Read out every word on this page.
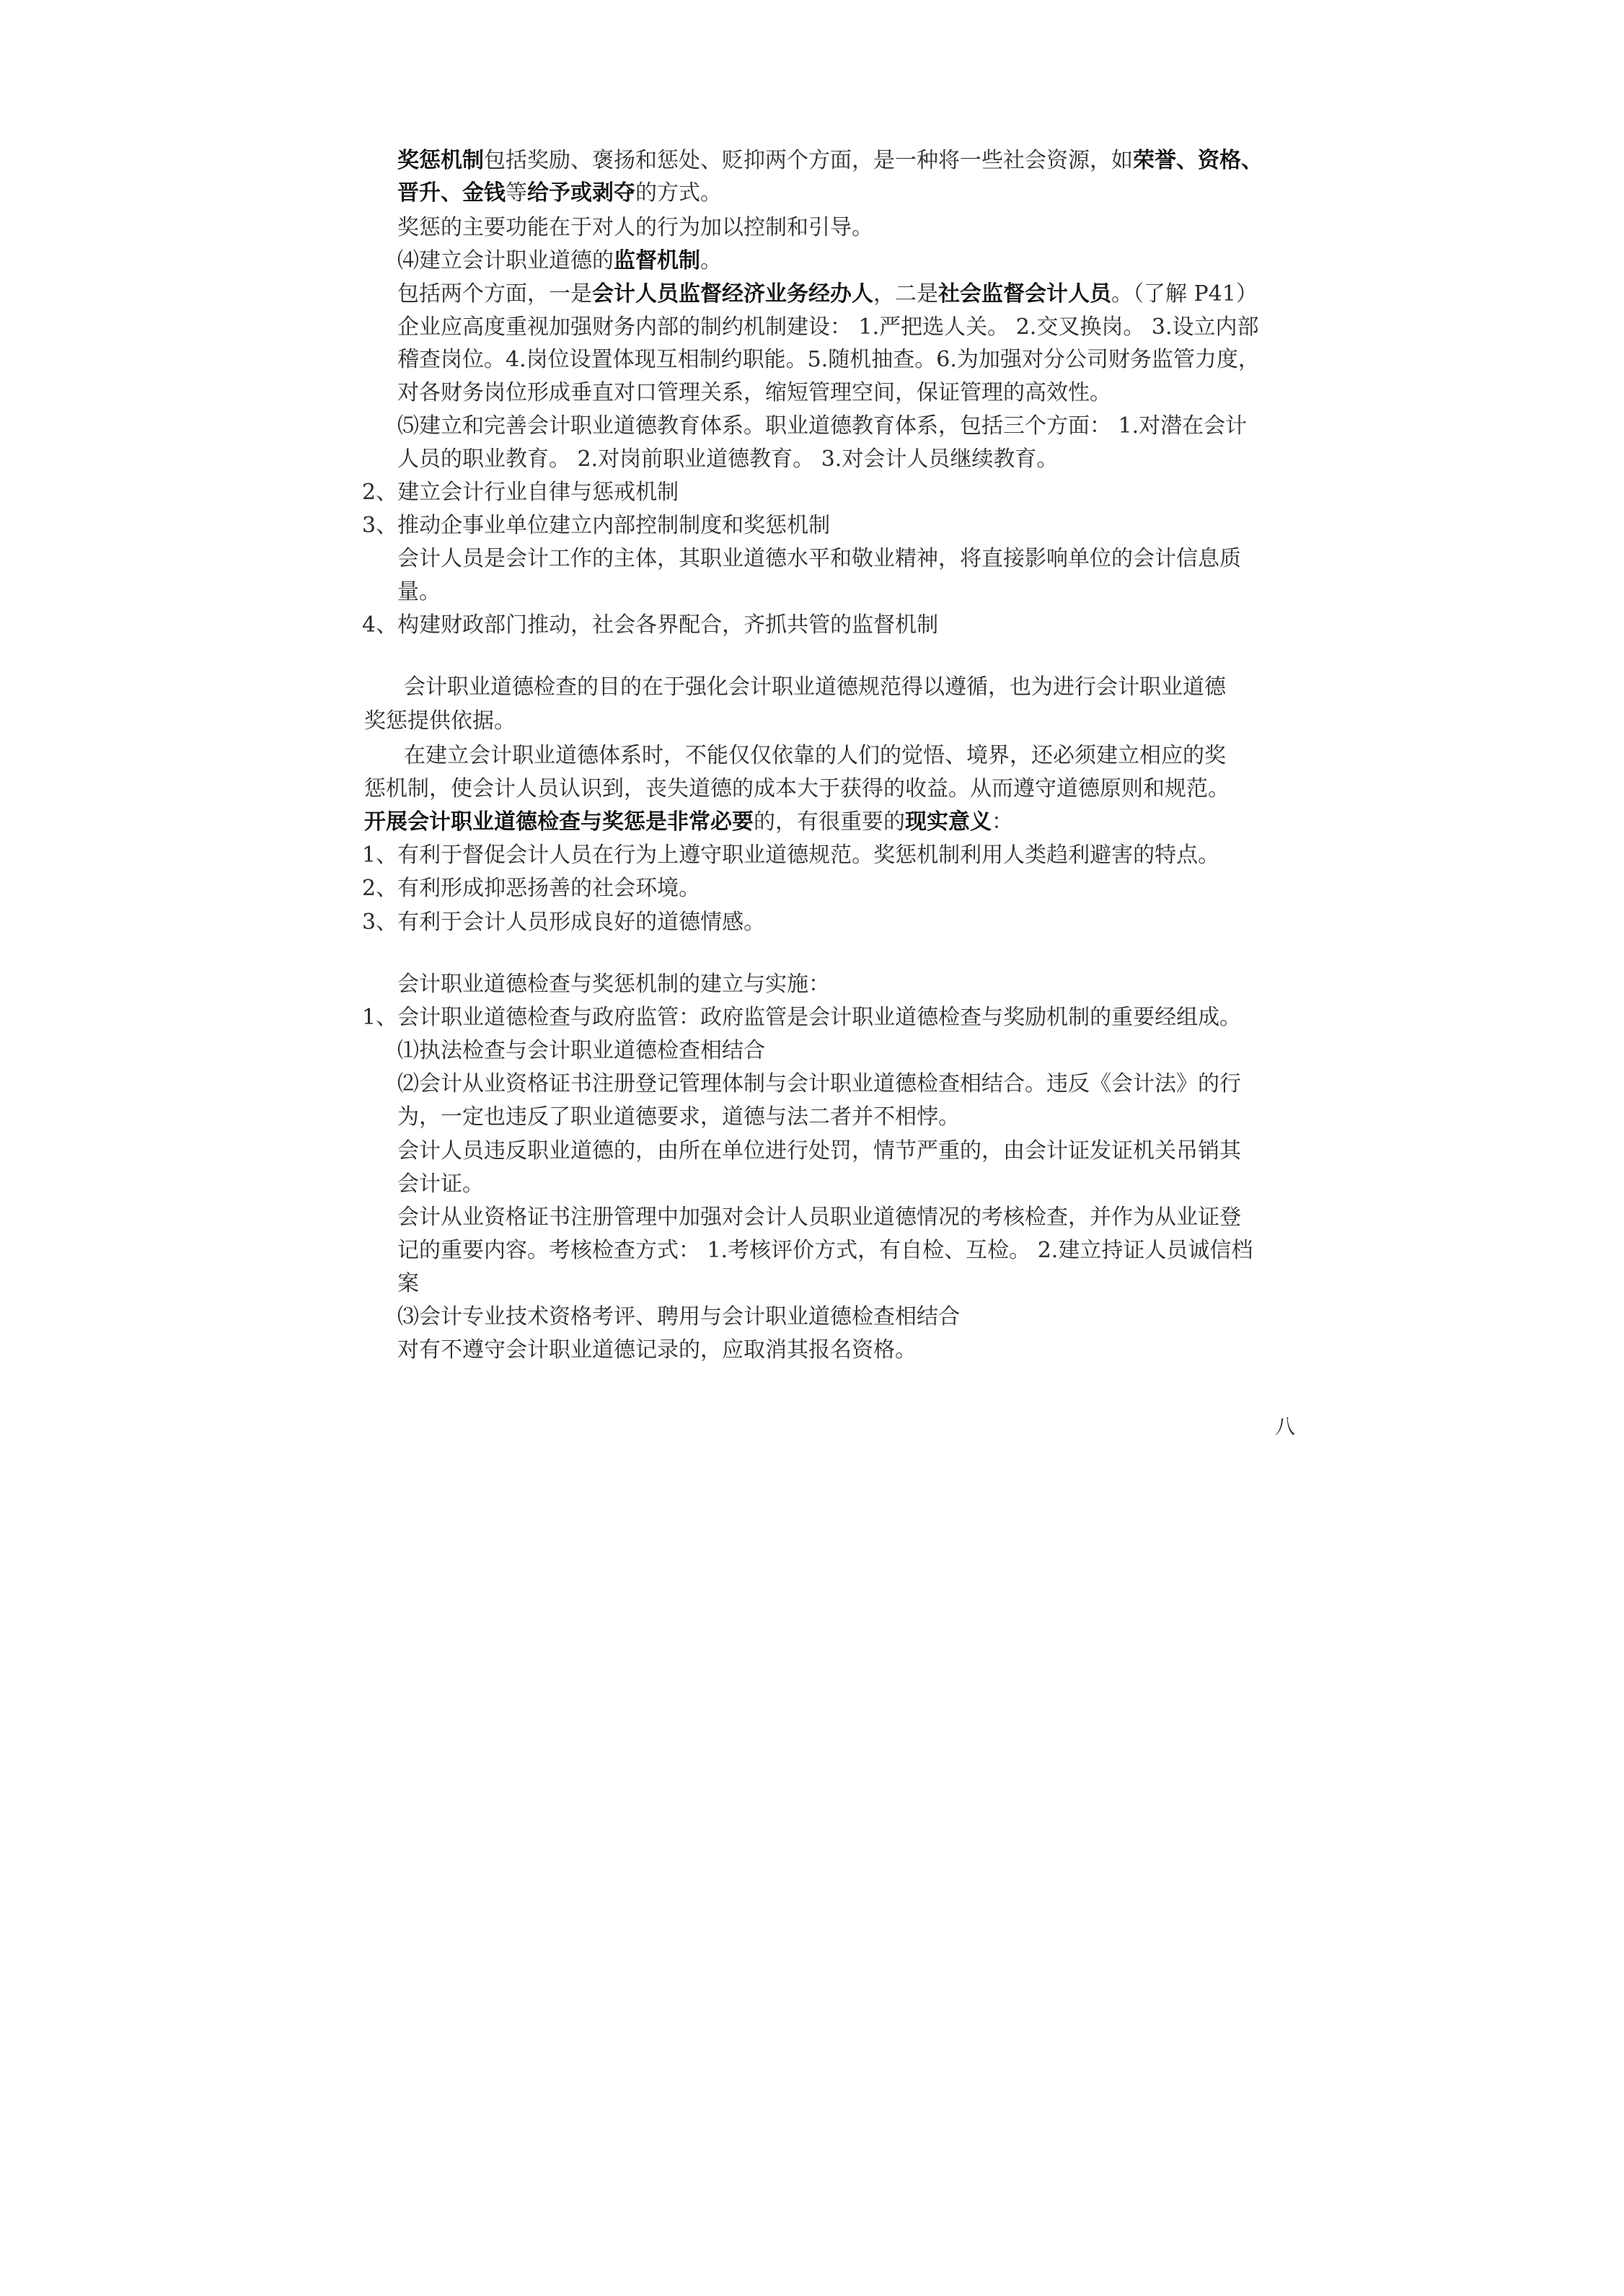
奖惩机制包括奖励、褒扬和惩处、贬抑两个方面，是一种将一些社会资源，如荣誉、资格、
晋升、金钱等给予或剥夺的方式。
奖惩的主要功能在于对人的行为加以控制和引导。
⑷建立会计职业道德的监督机制。
包括两个方面，一是会计人员监督经济业务经办人，二是社会监督会计人员。（了解 P41）
企业应高度重视加强财务内部的制约机制建设： 1.严把选人关。 2.交叉换岗。 3.设立内部
稽查岗位。4.岗位设置体现互相制约职能。5.随机抽查。6.为加强对分公司财务监管力度，
对各财务岗位形成垂直对口管理关系，缩短管理空间，保证管理的高效性。
⑸建立和完善会计职业道德教育体系。职业道德教育体系，包括三个方面： 1.对潜在会计
人员的职业教育。 2.对岗前职业道德教育。 3.对会计人员继续教育。
2、建立会计行业自律与惩戒机制
3、推动企事业单位建立内部控制制度和奖惩机制
会计人员是会计工作的主体，其职业道德水平和敬业精神，将直接影响单位的会计信息质
量。
4、构建财政部门推动，社会各界配合，齐抓共管的监督机制
会计职业道德检查的目的在于强化会计职业道德规范得以遵循，也为进行会计职业道德
奖惩提供依据。
在建立会计职业道德体系时，不能仅仅依靠的人们的觉悟、境界，还必须建立相应的奖
惩机制，使会计人员认识到，丧失道德的成本大于获得的收益。从而遵守道德原则和规范。
开展会计职业道德检查与奖惩是非常必要的，有很重要的现实意义：
1、有利于督促会计人员在行为上遵守职业道德规范。奖惩机制利用人类趋利避害的特点。
2、有利形成抑恶扬善的社会环境。
3、有利于会计人员形成良好的道德情感。
会计职业道德检查与奖惩机制的建立与实施：
1、会计职业道德检查与政府监管：政府监管是会计职业道德检查与奖励机制的重要经组成。
⑴执法检查与会计职业道德检查相结合
⑵会计从业资格证书注册登记管理体制与会计职业道德检查相结合。违反《会计法》的行
为，一定也违反了职业道德要求，道德与法二者并不相悖。
会计人员违反职业道德的，由所在单位进行处罚，情节严重的，由会计证发证机关吊销其
会计证。
会计从业资格证书注册管理中加强对会计人员职业道德情况的考核检查，并作为从业证登
记的重要内容。考核检查方式： 1.考核评价方式，有自检、互检。 2.建立持证人员诚信档
案
⑶会计专业技术资格考评、聘用与会计职业道德检查相结合
对有不遵守会计职业道德记录的，应取消其报名资格。
八
